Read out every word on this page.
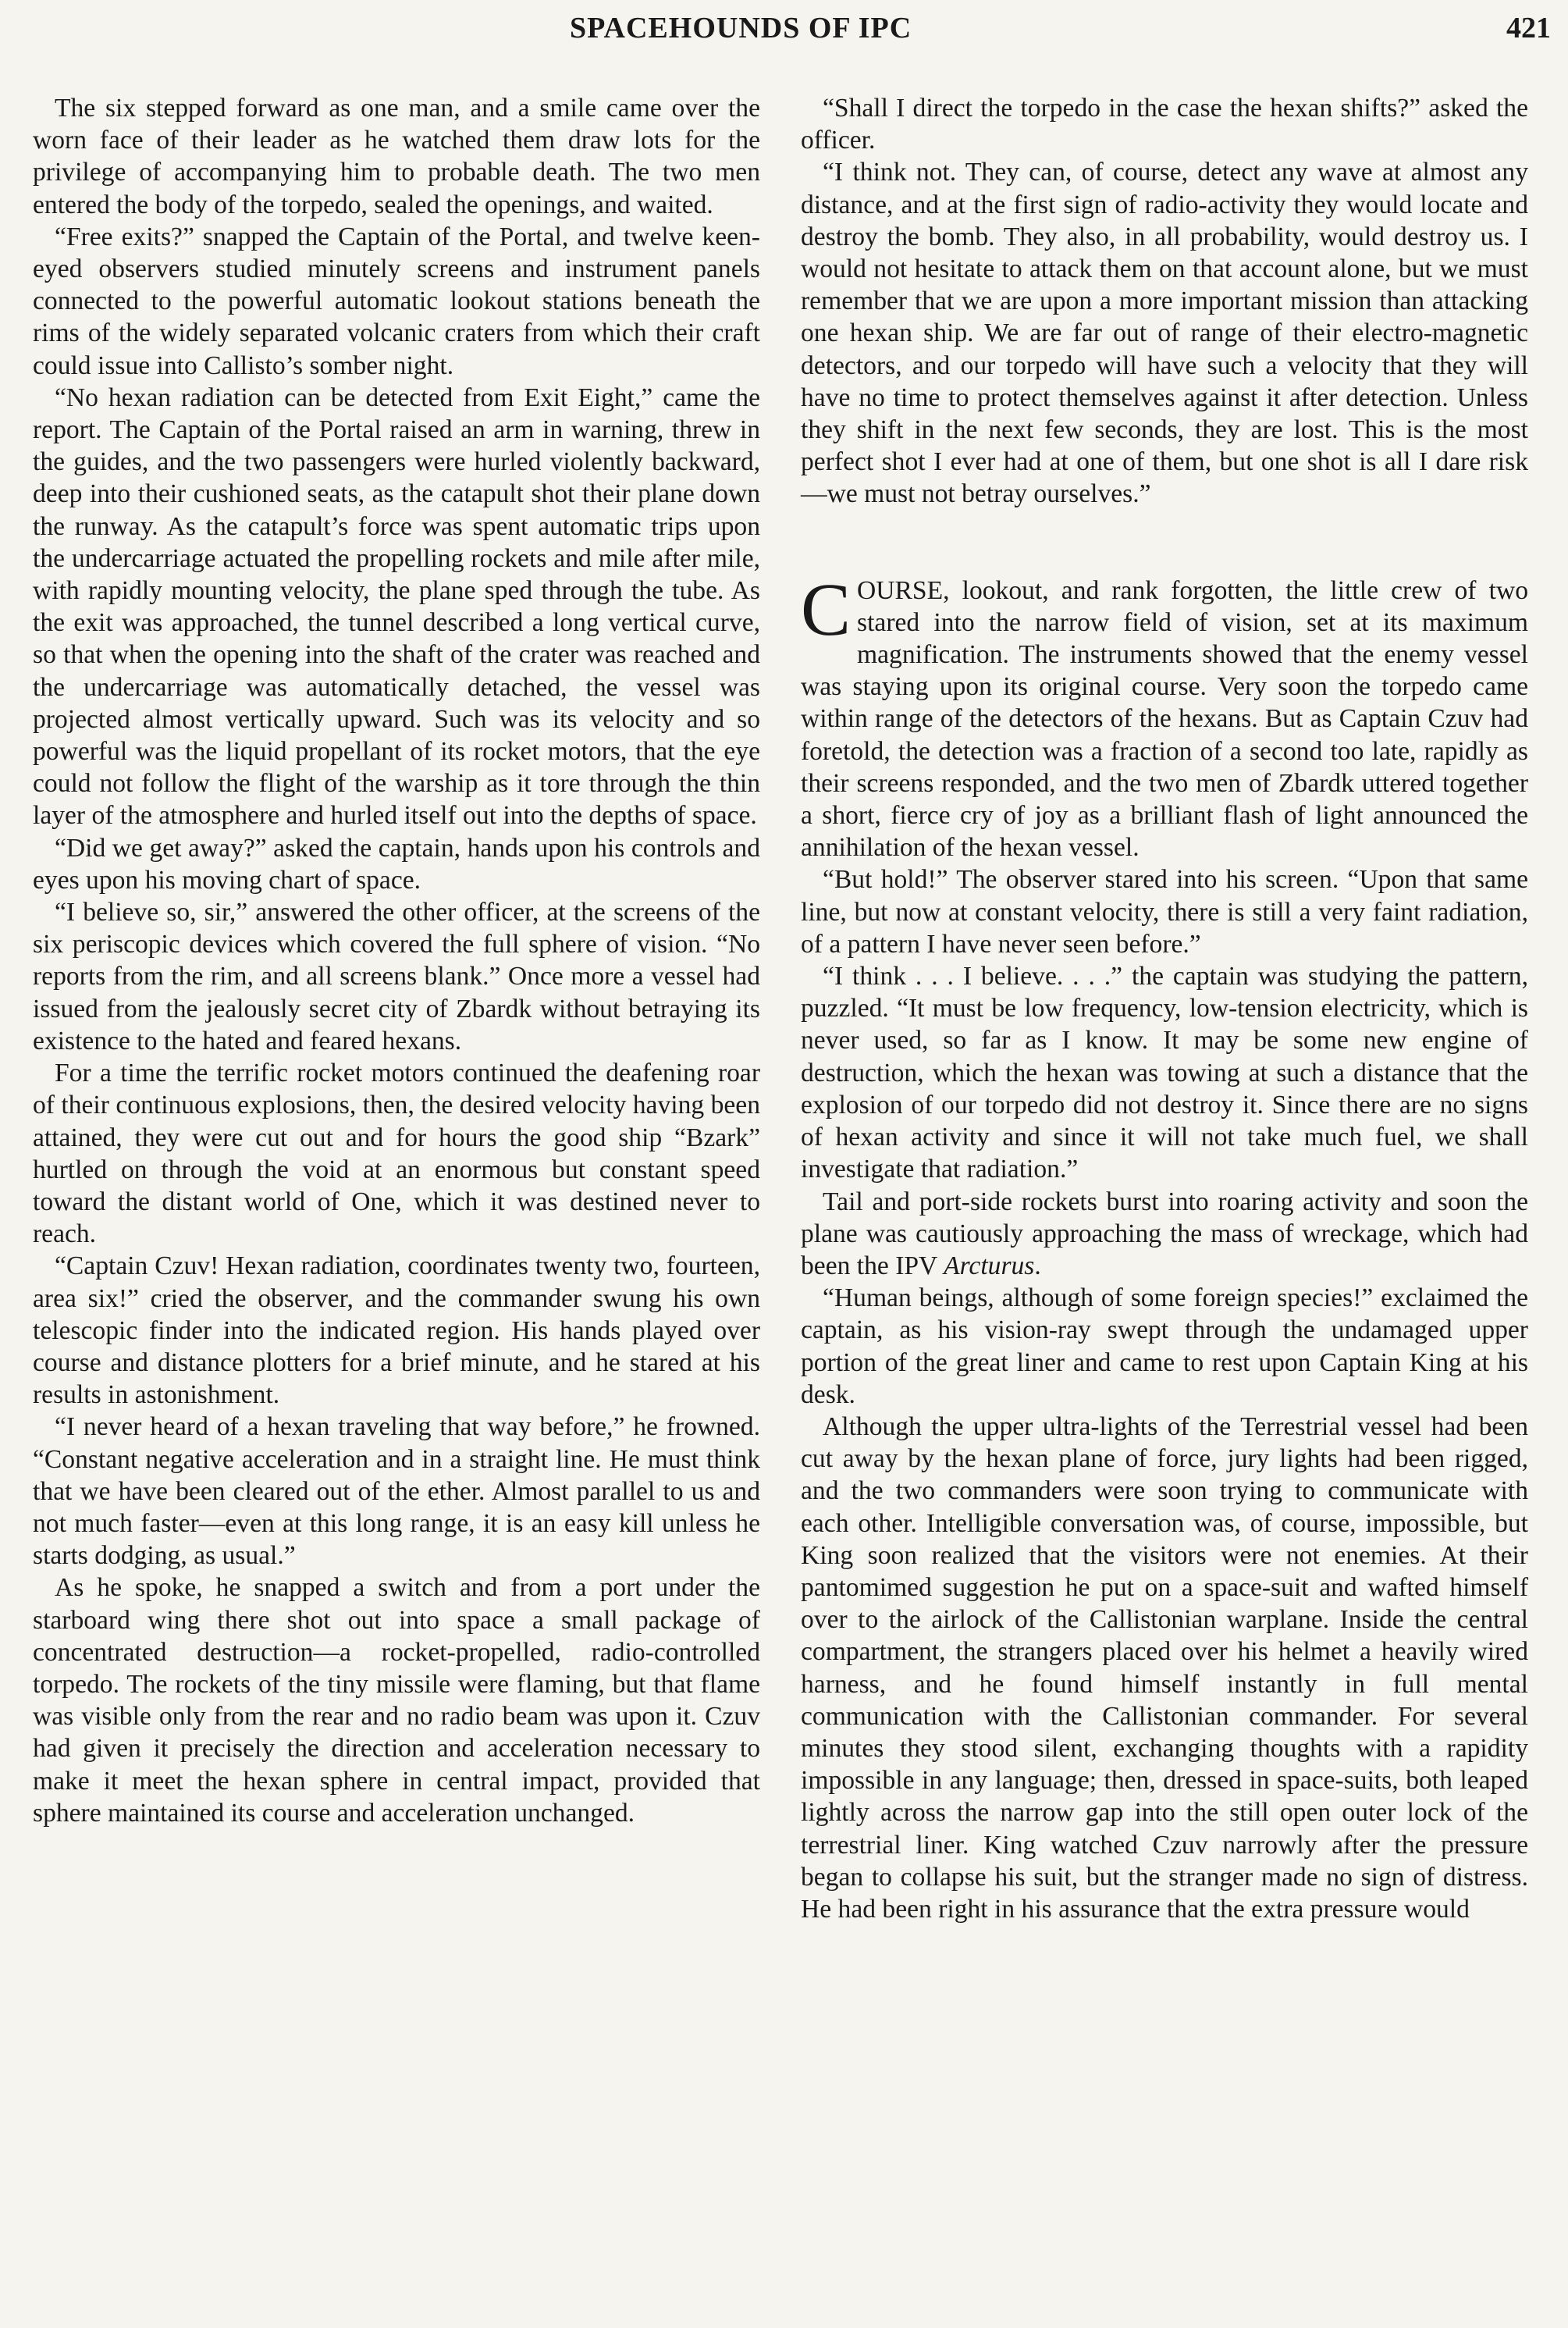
SPACEHOUNDS OF IPC	421

The six stepped forward as one man, and a smile came over the worn face of their leader as he watched them draw lots for the privilege of accompanying him to probable death. The two men entered the body of the torpedo, sealed the openings, and waited.

“Free exits?” snapped the Captain of the Portal, and twelve keen-eyed observers studied minutely screens and instrument panels connected to the powerful automatic lookout stations beneath the rims of the widely separated volcanic craters from which their craft could issue into Callisto’s somber night.

“No hexan radiation can be detected from Exit Eight,” came the report. The Captain of the Portal raised an arm in warning, threw in the guides, and the two passengers were hurled violently backward, deep into their cushioned seats, as the catapult shot their plane down the runway. As the catapult’s force was spent automatic trips upon the undercarriage actuated the propelling rockets and mile after mile, with rapidly mounting velocity, the plane sped through the tube. As the exit was approached, the tunnel described a long vertical curve, so that when the opening into the shaft of the crater was reached and the undercarriage was automatically detached, the vessel was projected almost vertically upward. Such was its velocity and so powerful was the liquid propellant of its rocket motors, that the eye could not follow the flight of the warship as it tore through the thin layer of the atmosphere and hurled itself out into the depths of space.

“Did we get away?” asked the captain, hands upon his controls and eyes upon his moving chart of space.

“I believe so, sir,” answered the other officer, at the screens of the six periscopic devices which covered the full sphere of vision. “No reports from the rim, and all screens blank.” Once more a vessel had issued from the jealously secret city of Zbardk without betraying its existence to the hated and feared hexans.

For a time the terrific rocket motors continued the deafening roar of their continuous explosions, then, the desired velocity having been attained, they were cut out and for hours the good ship “Bzark” hurtled on through the void at an enormous but constant speed toward the distant world of One, which it was destined never to reach.

“Captain Czuv! Hexan radiation, coordinates twenty two, fourteen, area six!” cried the observer, and the commander swung his own telescopic finder into the indicated region. His hands played over course and distance plotters for a brief minute, and he stared at his results in astonishment.

“I never heard of a hexan traveling that way before,” he frowned. “Constant negative acceleration and in a straight line. He must think that we have been cleared out of the ether. Almost parallel to us and not much faster—even at this long range, it is an easy kill unless he starts dodging, as usual.”

As he spoke, he snapped a switch and from a port under the starboard wing there shot out into space a small package of concentrated destruction—a rocket-propelled, radio-controlled torpedo. The rockets of the tiny missile were flaming, but that flame was visible only from the rear and no radio beam was upon it. Czuv had given it precisely the direction and acceleration necessary to make it meet the hexan sphere in central impact, provided that sphere maintained its course and acceleration unchanged.

“Shall I direct the torpedo in the case the hexan shifts?” asked the officer.

“I think not. They can, of course, detect any wave at almost any distance, and at the first sign of radio-activity they would locate and destroy the bomb. They also, in all probability, would destroy us. I would not hesitate to attack them on that account alone, but we must remember that we are upon a more important mission than attacking one hexan ship. We are far out of range of their electro-magnetic detectors, and our torpedo will have such a velocity that they will have no time to protect themselves against it after detection. Unless they shift in the next few seconds, they are lost. This is the most perfect shot I ever had at one of them, but one shot is all I dare risk—we must not betray ourselves.”

COURSE, lookout, and rank forgotten, the little crew of two stared into the narrow field of vision, set at its maximum magnification. The instruments showed that the enemy vessel was staying upon its original course. Very soon the torpedo came within range of the detectors of the hexans. But as Captain Czuv had foretold, the detection was a fraction of a second too late, rapidly as their screens responded, and the two men of Zbardk uttered together a short, fierce cry of joy as a brilliant flash of light announced the annihilation of the hexan vessel.

“But hold!” The observer stared into his screen. “Upon that same line, but now at constant velocity, there is still a very faint radiation, of a pattern I have never seen before.”

“I think . . . I believe. . . .” the captain was studying the pattern, puzzled. “It must be low frequency, low-tension electricity, which is never used, so far as I know. It may be some new engine of destruction, which the hexan was towing at such a distance that the explosion of our torpedo did not destroy it. Since there are no signs of hexan activity and since it will not take much fuel, we shall investigate that radiation.”

Tail and port-side rockets burst into roaring activity and soon the plane was cautiously approaching the mass of wreckage, which had been the IPV Arcturus.

“Human beings, although of some foreign species!” exclaimed the captain, as his vision-ray swept through the undamaged upper portion of the great liner and came to rest upon Captain King at his desk.

Although the upper ultra-lights of the Terrestrial vessel had been cut away by the hexan plane of force, jury lights had been rigged, and the two commanders were soon trying to communicate with each other. Intelligible conversation was, of course, impossible, but King soon realized that the visitors were not enemies. At their pantomimed suggestion he put on a space-suit and wafted himself over to the airlock of the Callistonian warplane. Inside the central compartment, the strangers placed over his helmet a heavily wired harness, and he found himself instantly in full mental communication with the Callistonian commander. For several minutes they stood silent, exchanging thoughts with a rapidity impossible in any language; then, dressed in space-suits, both leaped lightly across the narrow gap into the still open outer lock of the terrestrial liner. King watched Czuv narrowly after the pressure began to collapse his suit, but the stranger made no sign of distress. He had been right in his assurance that the extra pressure would
